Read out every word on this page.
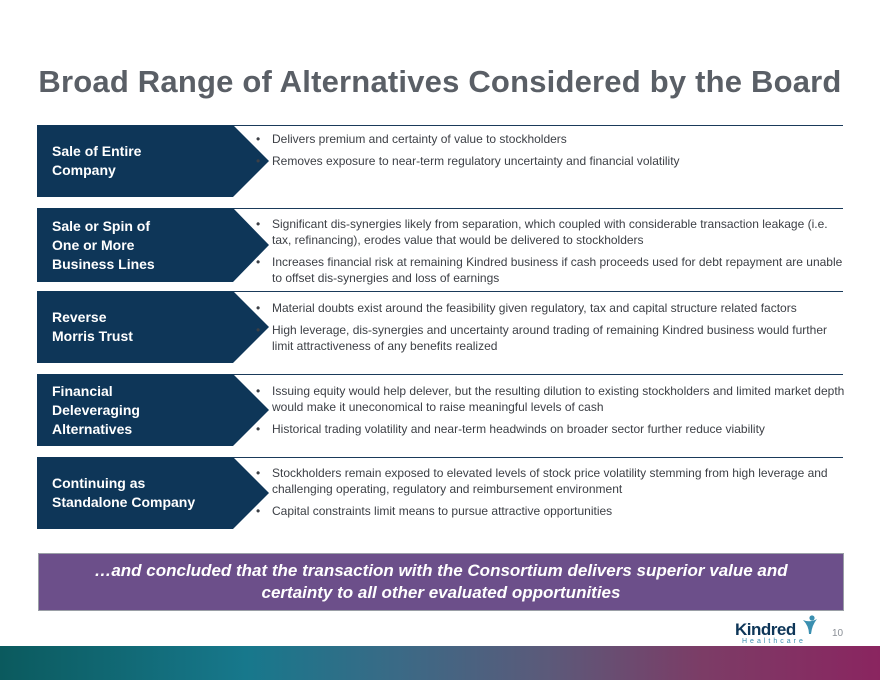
Broad Range of Alternatives Considered by the Board
Sale of Entire
Company
• Delivers premium and certainty of value to stockholders
• Removes exposure to near-term regulatory uncertainty and financial volatility
Sale or Spin of
One or More
Business Lines
• Significant dis-synergies likely from separation, which coupled with considerable transaction leakage (i.e. tax, refinancing), erodes value that would be delivered to stockholders
• Increases financial risk at remaining Kindred business if cash proceeds used for debt repayment are unable to offset dis-synergies and loss of earnings
Reverse
Morris Trust
• Material doubts exist around the feasibility given regulatory, tax and capital structure related factors
• High leverage, dis-synergies and uncertainty around trading of remaining Kindred business would further limit attractiveness of any benefits realized
Financial
Deleveraging
Alternatives
• Issuing equity would help delever, but the resulting dilution to existing stockholders and limited market depth would make it uneconomical to raise meaningful levels of cash
• Historical trading volatility and near-term headwinds on broader sector further reduce viability
Continuing as
Standalone Company
• Stockholders remain exposed to elevated levels of stock price volatility stemming from high leverage and challenging operating, regulatory and reimbursement environment
• Capital constraints limit means to pursue attractive opportunities
…and concluded that the transaction with the Consortium delivers superior value and certainty to all other evaluated opportunities
Kindred
Healthcare
10
